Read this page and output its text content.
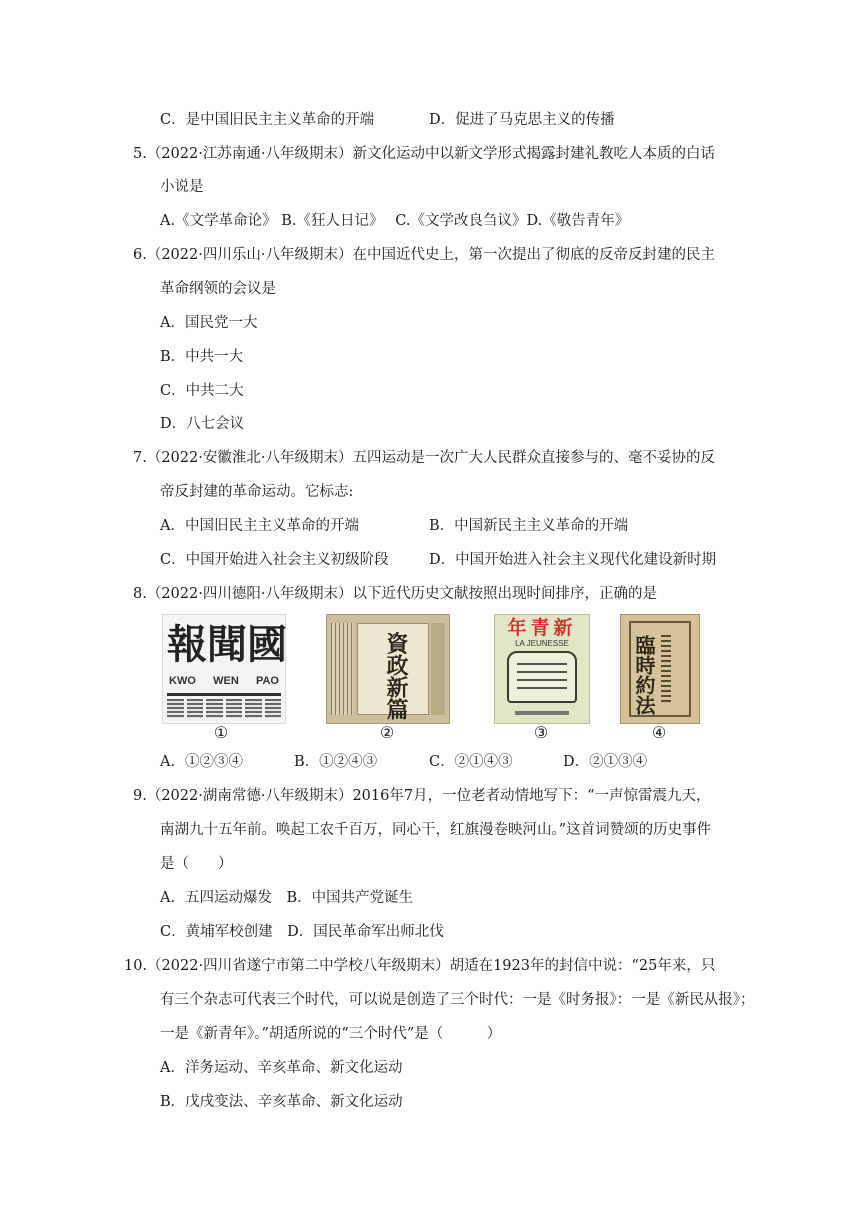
C．是中国旧民主主义革命的开端	D．促进了马克思主义的传播
5.（2022·江苏南通·八年级期末）新文化运动中以新文学形式揭露封建礼教吃人本质的白话
小说是
A.《文学革命论》 B.《狂人日记》　 C.《文学改良刍议》D.《敬告青年》
6.（2022·四川乐山·八年级期末）在中国近代史上，第一次提出了彻底的反帝反封建的民主
革命纲领的会议是
A．国民党一大
B．中共一大
C．中共二大
D．八七会议
7.（2022·安徽淮北·八年级期末）五四运动是一次广大人民群众直接参与的、毫不妥协的反
帝反封建的革命运动。它标志:
A．中国旧民主主义革命的开端	B．中国新民主主义革命的开端
C．中国开始进入社会主义初级阶段	D．中国开始进入社会主义现代化建设新时期
8.（2022·四川德阳·八年级期末）以下近代历史文献按照出现时间排序，正确的是
A．①②③④	B．①②④③	C．②①④③	D．②①③④
9.（2022·湖南常德·八年级期末）2016年7月，一位老者动情地写下：“一声惊雷震九天，
南湖九十五年前。唤起工农千百万，同心干，红旗漫卷映河山。”这首词赞颂的历史事件
是（　　）
A．五四运动爆发　B．中国共产党诞生
C．黄埔军校创建　D．国民革命军出师北伐
10.（2022·四川省遂宁市第二中学校八年级期末）胡适在1923年的封信中说：“25年来，只
有三个杂志可代表三个时代，可以说是创造了三个时代：一是《时务报》：一是《新民从报》；
一是《新青年》。”胡适所说的“三个时代”是（　　　）
A．洋务运动、辛亥革命、新文化运动
B．戊戌变法、辛亥革命、新文化运动
報 聞 國
KWO WEN PAO
①
資政新篇
②
年青新
LA JEUNESSE
③
臨時約法
④
